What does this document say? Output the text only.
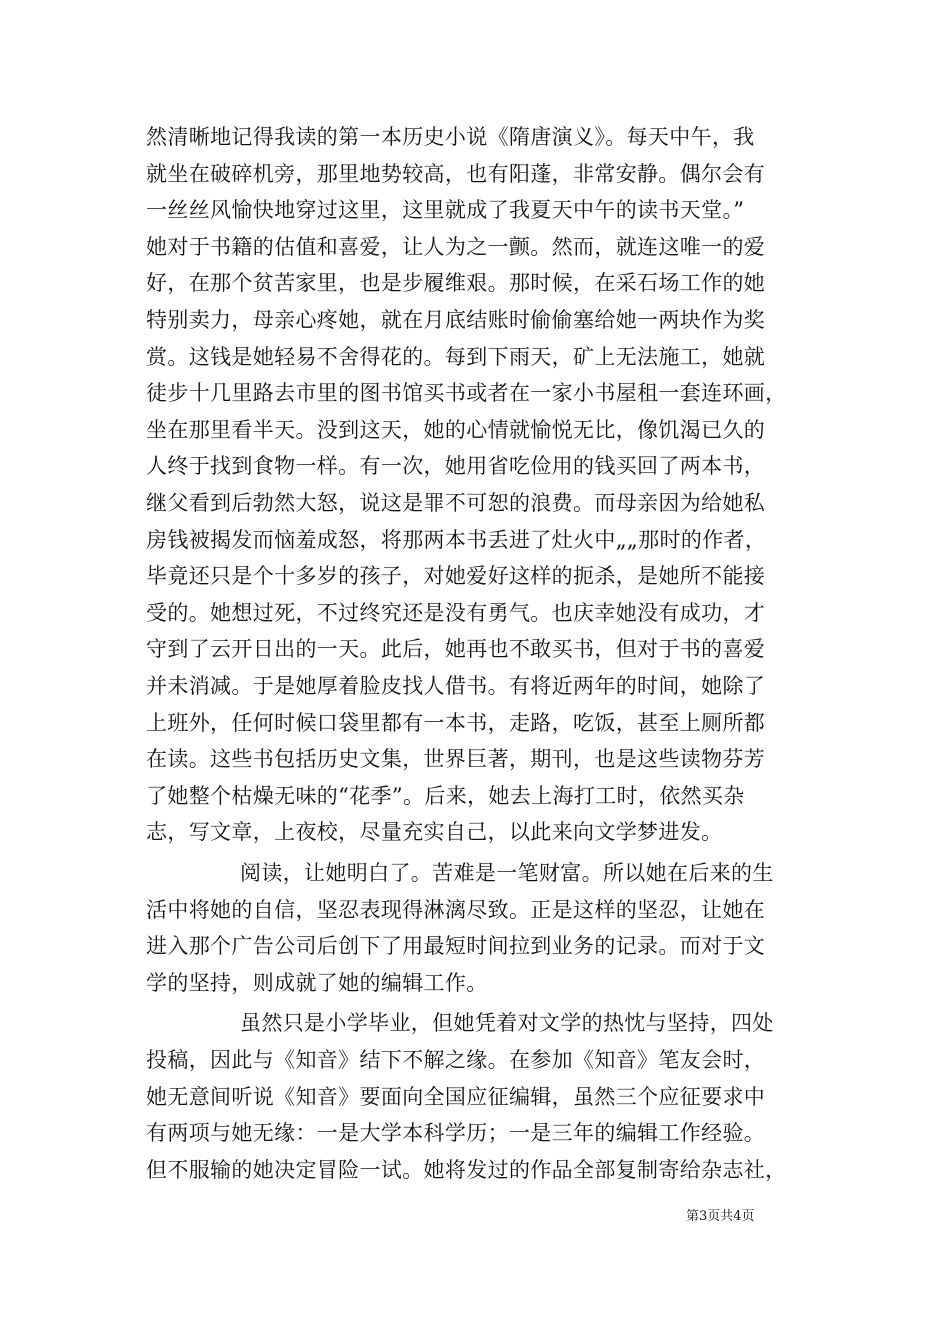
然清晰地记得我读的第一本历史小说《隋唐演义》。每天中午，我
就坐在破碎机旁，那里地势较高，也有阳蓬，非常安静。偶尔会有
一丝丝风愉快地穿过这里，这里就成了我夏天中午的读书天堂。”
她对于书籍的估值和喜爱，让人为之一颤。然而，就连这唯一的爱
好，在那个贫苦家里，也是步履维艰。那时候，在采石场工作的她
特别卖力，母亲心疼她，就在月底结账时偷偷塞给她一两块作为奖
赏。这钱是她轻易不舍得花的。每到下雨天，矿上无法施工，她就
徒步十几里路去市里的图书馆买书或者在一家小书屋租一套连环画，
坐在那里看半天。没到这天，她的心情就愉悦无比，像饥渴已久的
人终于找到食物一样。有一次，她用省吃俭用的钱买回了两本书，
继父看到后勃然大怒，说这是罪不可恕的浪费。而母亲因为给她私
房钱被揭发而恼羞成怒，将那两本书丢进了灶火中„„那时的作者，
毕竟还只是个十多岁的孩子，对她爱好这样的扼杀，是她所不能接
受的。她想过死，不过终究还是没有勇气。也庆幸她没有成功，才
守到了云开日出的一天。此后，她再也不敢买书，但对于书的喜爱
并未消减。于是她厚着脸皮找人借书。有将近两年的时间，她除了
上班外，任何时候口袋里都有一本书，走路，吃饭，甚至上厕所都
在读。这些书包括历史文集，世界巨著，期刊，也是这些读物芬芳
了她整个枯燥无味的“花季”。后来，她去上海打工时，依然买杂
志，写文章，上夜校，尽量充实自己，以此来向文学梦进发。
阅读，让她明白了。苦难是一笔财富。所以她在后来的生
活中将她的自信，坚忍表现得淋漓尽致。正是这样的坚忍，让她在
进入那个广告公司后创下了用最短时间拉到业务的记录。而对于文
学的坚持，则成就了她的编辑工作。
虽然只是小学毕业，但她凭着对文学的热忱与坚持，四处
投稿，因此与《知音》结下不解之缘。在参加《知音》笔友会时，
她无意间听说《知音》要面向全国应征编辑，虽然三个应征要求中
有两项与她无缘：一是大学本科学历；一是三年的编辑工作经验。
但不服输的她决定冒险一试。她将发过的作品全部复制寄给杂志社，
第3页共4页
